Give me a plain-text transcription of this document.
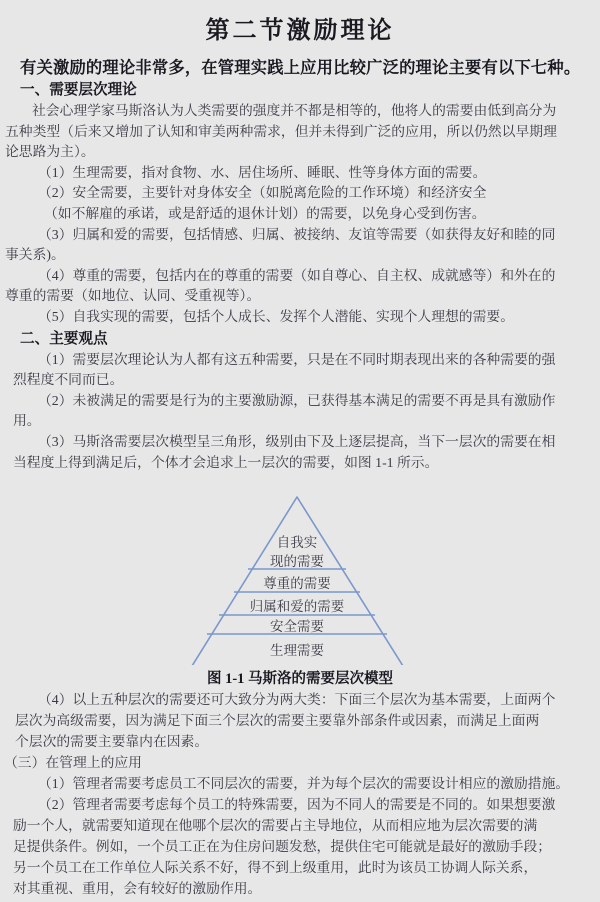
第二节激励理论
有关激励的理论非常多，在管理实践上应用比较广泛的理论主要有以下七种。
一、需要层次理论
社会心理学家马斯洛认为人类需要的强度并不都是相等的，他将人的需要由低到高分为
五种类型（后来又增加了认知和审美两种需求，但并未得到广泛的应用，所以仍然以早期理
论思路为主）。
（1）生理需要，指对食物、水、居住场所、睡眠、性等身体方面的需要。
（2）安全需要，主要针对身体安全（如脱离危险的工作环境）和经济安全
（如不解雇的承诺，或是舒适的退休计划）的需要，以免身心受到伤害。
（3）归属和爱的需要，包括情感、归属、被接纳、友谊等需要（如获得友好和睦的同
事关系)。
（4）尊重的需要，包括内在的尊重的需要（如自尊心、自主权、成就感等）和外在的
尊重的需要（如地位、认同、受重视等）。
（5）自我实现的需要，包括个人成长、发挥个人潜能、实现个人理想的需要。
二、主要观点
（1）需要层次理论认为人都有这五种需要，只是在不同时期表现出来的各种需要的强
烈程度不同而已。
（2）未被满足的需要是行为的主要激励源，已获得基本满足的需要不再是具有激励作
用。
（3）马斯洛需要层次模型呈三角形，级别由下及上逐层提高，当下一层次的需要在相
当程度上得到满足后，个体才会追求上一层次的需要，如图 1-1 所示。
自我实
现的需要
尊重的需要
归属和爱的需要
安全需要
生理需要
图 1-1 马斯洛的需要层次模型
（4）以上五种层次的需要还可大致分为两大类：下面三个层次为基本需要，上面两个
层次为高级需要，因为满足下面三个层次的需要主要靠外部条件或因素，而满足上面两
个层次的需要主要靠内在因素。
（三）在管理上的应用
（1）管理者需要考虑员工不同层次的需要，并为每个层次的需要设计相应的激励措施。
（2）管理者需要考虑每个员工的特殊需要，因为不同人的需要是不同的。如果想要激
励一个人，就需要知道现在他哪个层次的需要占主导地位，从而相应地为层次需要的满
足提供条件。例如，一个员工正在为住房问题发愁，提供住宅可能就是最好的激励手段；
另一个员工在工作单位人际关系不好，得不到上级重用，此时为该员工协调人际关系，
对其重视、重用，会有较好的激励作用。
